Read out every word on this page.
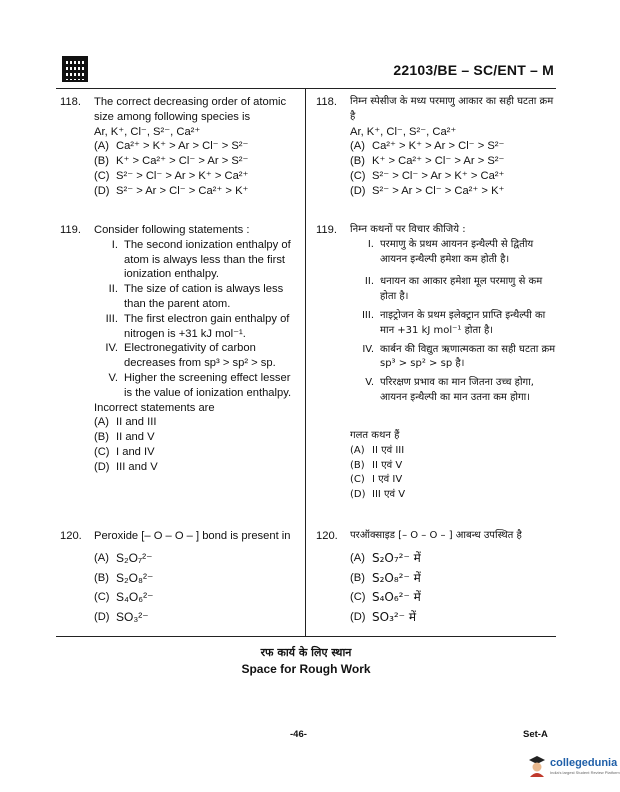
22103/BE – SC/ENT – M
118. The correct decreasing order of atomic size among following species is
Ar, K⁺, Cl⁻, S²⁻, Ca²⁺
(A) Ca²⁺ > K⁺ > Ar > Cl⁻ > S²⁻
(B) K⁺ > Ca²⁺ > Cl⁻ > Ar > S²⁻
(C) S²⁻ > Cl⁻ > Ar > K⁺ > Ca²⁺
(D) S²⁻ > Ar > Cl⁻ > Ca²⁺ > K⁺
119. Consider following statements :
I. The second ionization enthalpy of atom is always less than the first ionization enthalpy.
II. The size of cation is always less than the parent atom.
III. The first electron gain enthalpy of nitrogen is +31 kJ mol⁻¹.
IV. Electronegativity of carbon decreases from sp³ > sp² > sp.
V. Higher the screening effect lesser is the value of ionization enthalpy.
Incorrect statements are
(A) II and III
(B) II and V
(C) I and IV
(D) III and V
120. Peroxide [– O – O – ] bond is present in
(A) S₂O₇²⁻
(B) S₂O₈²⁻
(C) S₄O₆²⁻
(D) SO₃²⁻
118. निम्न स्पेसीज के मध्य परमाणु आकार का सही घटता क्रम है
Ar, K⁺, Cl⁻, S²⁻, Ca²⁺
(A) Ca²⁺ > K⁺ > Ar > Cl⁻ > S²⁻
(B) K⁺ > Ca²⁺ > Cl⁻ > Ar > S²⁻
(C) S²⁻ > Cl⁻ > Ar > K⁺ > Ca²⁺
(D) S²⁻ > Ar > Cl⁻ > Ca²⁺ > K⁺
119. निम्न कथनों पर विचार कीजिये :
I. परमाणु के प्रथम आयनन इन्थैल्पी से द्वितीय आयनन इन्थैल्पी हमेशा कम होती है।
II. धनायन का आकार हमेशा मूल परमाणु से कम होता है।
III. नाइट्रोजन के प्रथम इलेक्ट्रान प्राप्ति इन्थैल्पी का मान +31 kJ mol⁻¹ होता है।
IV. कार्बन की विद्युत ऋणात्मकता का सही घटता क्रम sp³ > sp² > sp है।
V. परिरक्षण प्रभाव का मान जितना उच्च होगा, आयनन इन्थैल्पी का मान उतना कम होगा।
गलत कथन हैं
(A) II एवं III
(B) II एवं V
(C) I एवं IV
(D) III एवं V
120. परऑक्साइड [– O – O – ] आबन्ध उपस्थित है
(A) S₂O₇²⁻ में
(B) S₂O₈²⁻ में
(C) S₄O₆²⁻ में
(D) SO₃²⁻ में
रफ कार्य के लिए स्थान
Space for Rough Work
-46-	Set-A
collegedunia
India's largest Student Review Platform
